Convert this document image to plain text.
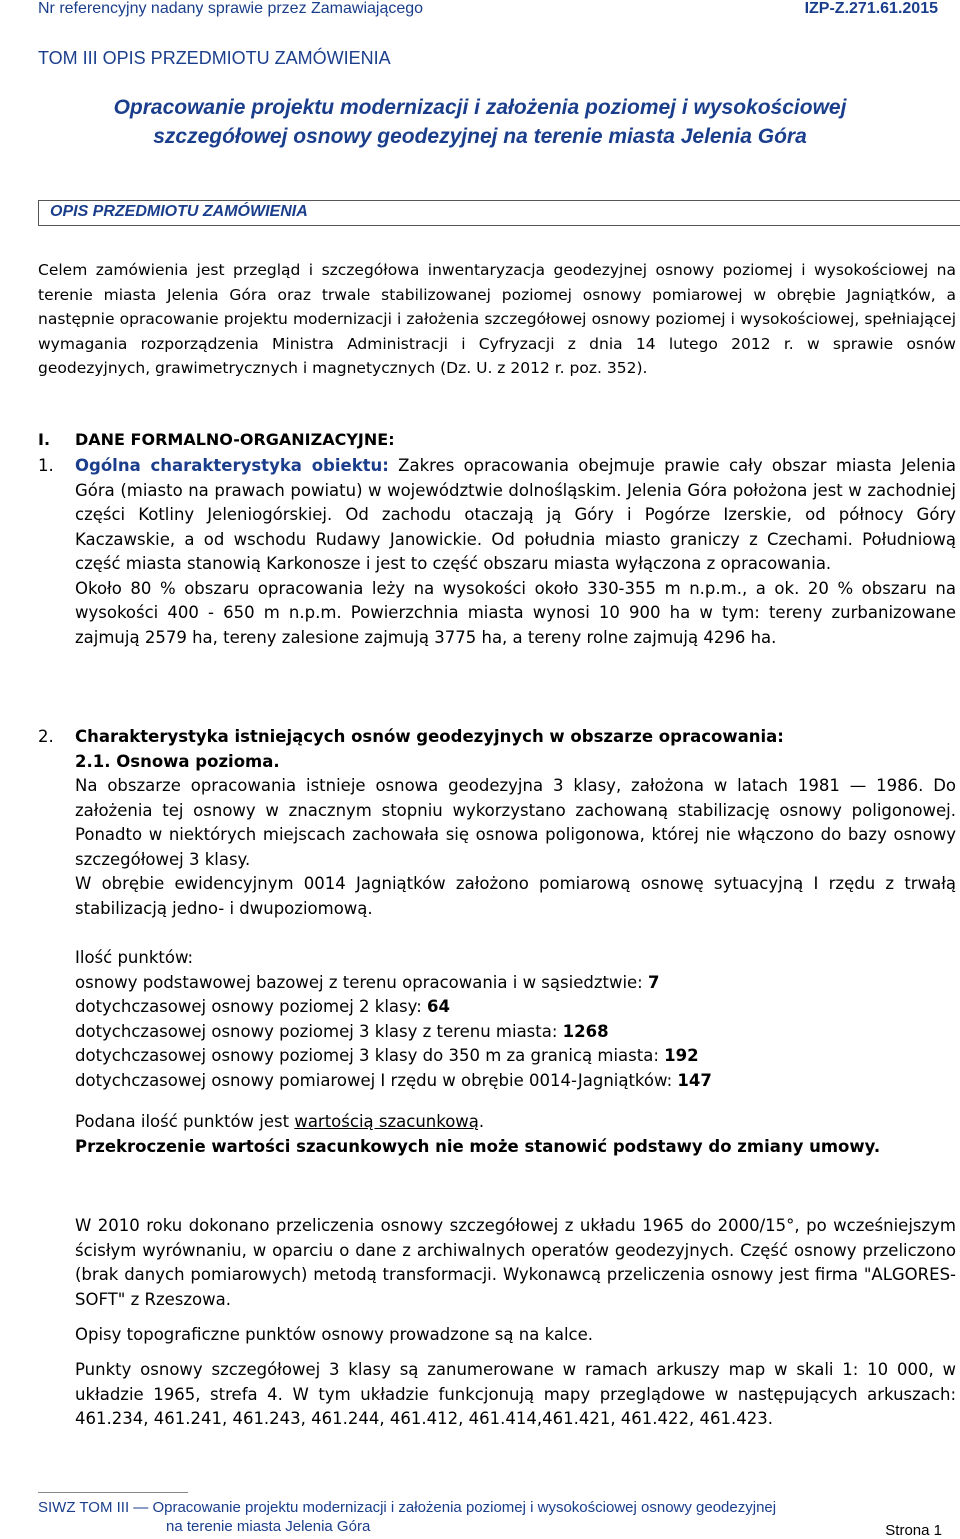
Nr referencyjny nadany sprawie przez Zamawiającego	IZP-Z.271.61.2015
TOM III OPIS PRZEDMIOTU ZAMÓWIENIA
Opracowanie projektu modernizacji i założenia poziomej i wysokościowej
szczegółowej osnowy geodezyjnej na terenie miasta Jelenia Góra
OPIS PRZEDMIOTU ZAMÓWIENIA
Celem zamówienia jest przegląd i szczegółowa inwentaryzacja geodezyjnej osnowy poziomej i wysokościowej na terenie miasta Jelenia Góra oraz trwale stabilizowanej poziomej osnowy pomiarowej w obrębie Jagniątków, a następnie opracowanie projektu modernizacji i założenia szczegółowej osnowy poziomej i wysokościowej, spełniającej wymagania rozporządzenia Ministra Administracji i Cyfryzacji z dnia 14 lutego 2012 r. w sprawie osnów geodezyjnych, grawimetrycznych i magnetycznych (Dz. U. z 2012 r. poz. 352).
I. DANE FORMALNO-ORGANIZACYJNE:
1. Ogólna charakterystyka obiektu: Zakres opracowania obejmuje prawie cały obszar miasta Jelenia Góra (miasto na prawach powiatu) w województwie dolnośląskim. Jelenia Góra położona jest w zachodniej części Kotliny Jeleniogórskiej. Od zachodu otaczają ją Góry i Pogórze Izerskie, od północy Góry Kaczawskie, a od wschodu Rudawy Janowickie. Od południa miasto graniczy z Czechami. Południową część miasta stanowią Karkonosze i jest to część obszaru miasta wyłączona z opracowania.

Około 80 % obszaru opracowania leży na wysokości około 330-355 m n.p.m., a ok. 20 % obszaru na wysokości 400 - 650 m n.p.m. Powierzchnia miasta wynosi 10 900 ha w tym: tereny zurbanizowane zajmują 2579 ha, tereny zalesione zajmują 3775 ha, a tereny rolne zajmują 4296 ha.

2. Charakterystyka istniejących osnów geodezyjnych w obszarze opracowania:

2.1. Osnowa pozioma.

Na obszarze opracowania istnieje osnowa geodezyjna 3 klasy, założona w latach 1981 — 1986. Do założenia tej osnowy w znacznym stopniu wykorzystano zachowaną stabilizację osnowy poligonowej. Ponadto w niektórych miejscach zachowała się osnowa poligonowa, której nie włączono do bazy osnowy szczegółowej 3 klasy.

W obrębie ewidencyjnym 0014 Jagniątków założono pomiarową osnowę sytuacyjną I rzędu z trwałą stabilizacją jedno- i dwupoziomową.

Ilość punktów:

osnowy podstawowej bazowej z terenu opracowania i w sąsiedztwie: 7

dotychczasowej osnowy poziomej 2 klasy: 64

dotychczasowej osnowy poziomej 3 klasy z terenu miasta: 1268

dotychczasowej osnowy poziomej 3 klasy do 350 m za granicą miasta: 192

dotychczasowej osnowy pomiarowej I rzędu w obrębie 0014-Jagniątków: 147

Podana ilość punktów jest wartością szacunkową.

Przekroczenie wartości szacunkowych nie może stanowić podstawy do zmiany umowy.

W 2010 roku dokonano przeliczenia osnowy szczegółowej z układu 1965 do 2000/15°, po wcześniejszym ścisłym wyrównaniu, w oparciu o dane z archiwalnych operatów geodezyjnych. Część osnowy przeliczono (brak danych pomiarowych) metodą transformacji. Wykonawcą przeliczenia osnowy jest firma "ALGORES-SOFT" z Rzeszowa.
Opisy topograficzne punktów osnowy prowadzone są na kalce.
Punkty osnowy szczegółowej 3 klasy są zanumerowane w ramach arkuszy map w skali 1: 10 000, w układzie 1965, strefa 4. W tym układzie funkcjonują mapy przeglądowe w następujących arkuszach: 461.234, 461.241, 461.243, 461.244, 461.412, 461.414,461.421, 461.422, 461.423.
SIWZ TOM III — Opracowanie projektu modernizacji i założenia poziomej i wysokościowej osnowy geodezyjnej
na terenie miasta Jelenia Góra	Strona 1
